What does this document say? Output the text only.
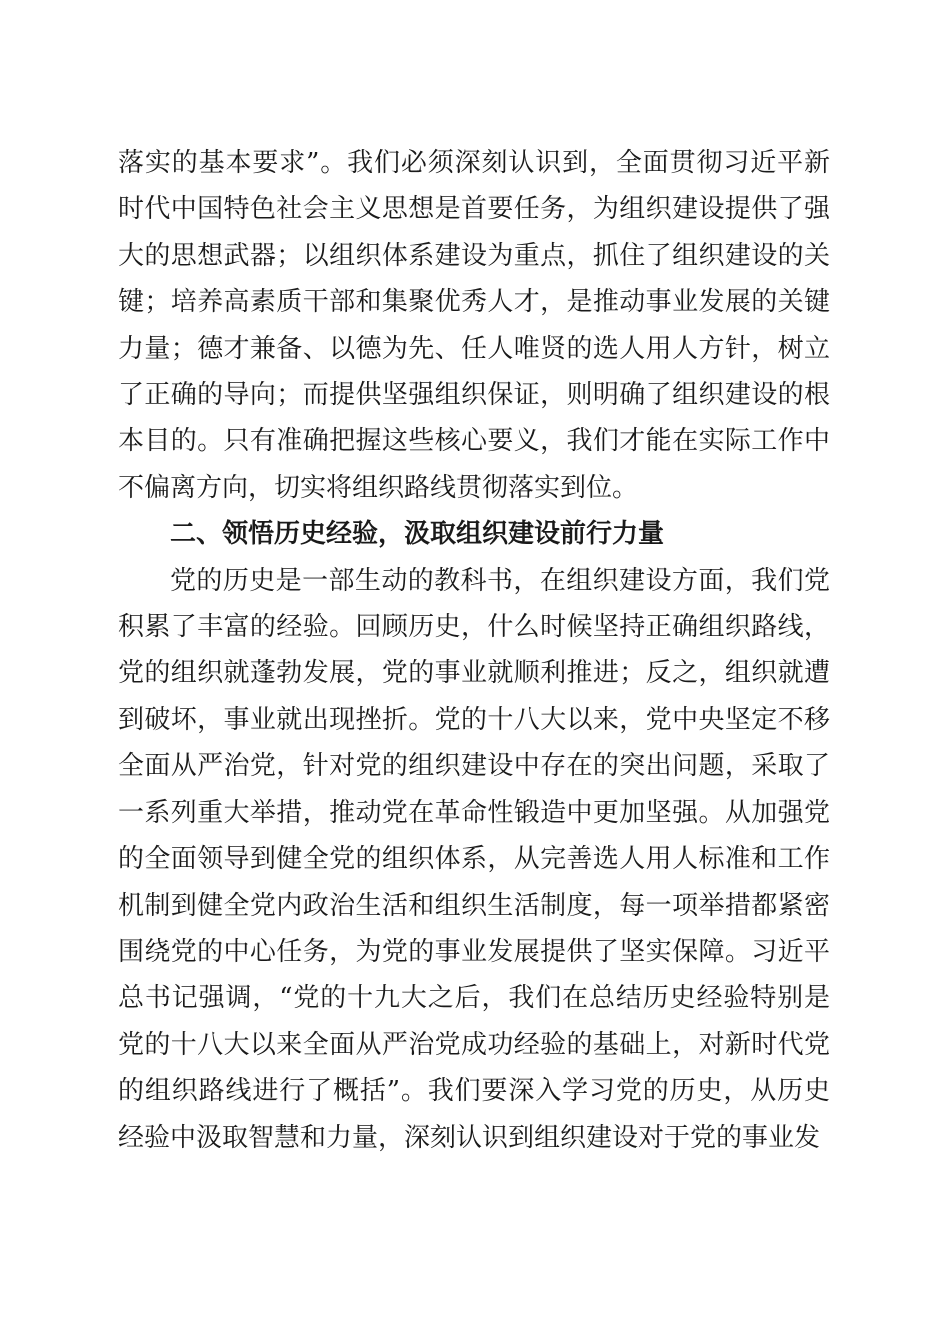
落实的基本要求”。我们必须深刻认识到，全面贯彻习近平新时代中国特色社会主义思想是首要任务，为组织建设提供了强大的思想武器；以组织体系建设为重点，抓住了组织建设的关键；培养高素质干部和集聚优秀人才，是推动事业发展的关键力量；德才兼备、以德为先、任人唯贤的选人用人方针，树立了正确的导向；而提供坚强组织保证，则明确了组织建设的根本目的。只有准确把握这些核心要义，我们才能在实际工作中不偏离方向，切实将组织路线贯彻落实到位。

二、领悟历史经验，汲取组织建设前行力量

党的历史是一部生动的教科书，在组织建设方面，我们党积累了丰富的经验。回顾历史，什么时候坚持正确组织路线，党的组织就蓬勃发展，党的事业就顺利推进；反之，组织就遭到破坏，事业就出现挫折。党的十八大以来，党中央坚定不移全面从严治党，针对党的组织建设中存在的突出问题，采取了一系列重大举措，推动党在革命性锻造中更加坚强。从加强党的全面领导到健全党的组织体系，从完善选人用人标准和工作机制到健全党内政治生活和组织生活制度，每一项举措都紧密围绕党的中心任务，为党的事业发展提供了坚实保障。习近平总书记强调，“党的十九大之后，我们在总结历史经验特别是党的十八大以来全面从严治党成功经验的基础上，对新时代党的组织路线进行了概括”。我们要深入学习党的历史，从历史经验中汲取智慧和力量，深刻认识到组织建设对于党的事业发
